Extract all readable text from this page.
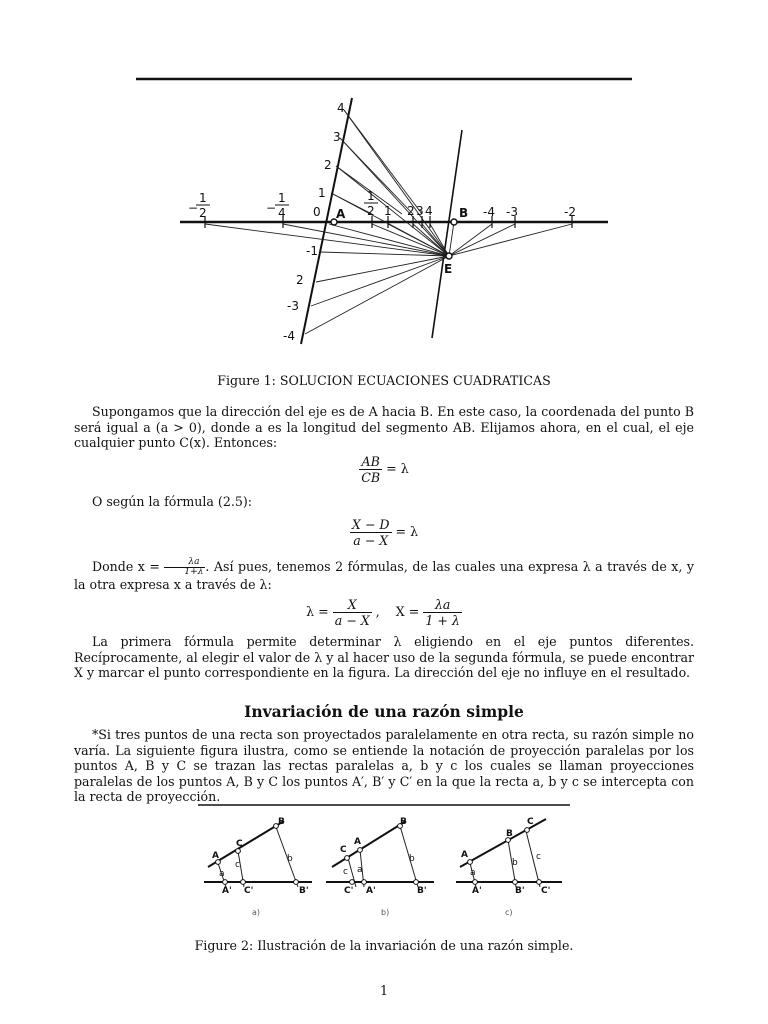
4
3
2
1
0
-1
2
-3
-4
−
1
2	−
1
4
1
2 1 2 3 4	-4 -3	-2
A	B
E
Figure 1: SOLUCION ECUACIONES CUADRATICAS

Supongamos que la dirección del eje es de A hacia B. En este caso, la coordenada del punto B será igual a (a > 0), donde a es la longitud del segmento AB. Elijamos ahora, en el cual, el eje cualquier punto C(x). Entonces:

$\frac{AB}{CB} = \lambda$

O según la fórmula (2.5):

$\frac{X - D}{a - X} = \lambda$

Donde $x = \frac{\lambda a}{1+\lambda}$ . Así pues, tenemos 2 fórmulas, de las cuales una expresa λ a través de x, y la otra expresa x a través de λ:

$\lambda = \frac{X}{a - X}$ ,    $X = \frac{\lambda a}{1 + \lambda}$

La primera fórmula permite determinar λ eligiendo en el eje puntos diferentes. Recíprocamente, al elegir el valor de λ y al hacer uso de la segunda fórmula, se puede encontrar X y marcar el punto correspondiente en la figura. La dirección del eje no influye en el resultado.

Invariación de una razón simple

*Si tres puntos de una recta son proyectados paralelamente en otra recta, su razón simple no varía. La siguiente figura ilustra, como se entiende la notación de proyección paralelas por los puntos A, B y C se trazan las rectas paralelas a, b y c los cuales se llaman proyecciones paralelas de los puntos A, B y C los puntos A′, B′ y C′ en la que la recta a, b y c se intercepta con la recta de proyección.

A
C
B
a
c
b
A' C'	B'
a)
C
A
B
c a
b
C' A'	B'
b)
A
B
C
a
b
c
A'	B' C'
c)
Figure 2: Ilustración de la invariación de una razón simple.
1
